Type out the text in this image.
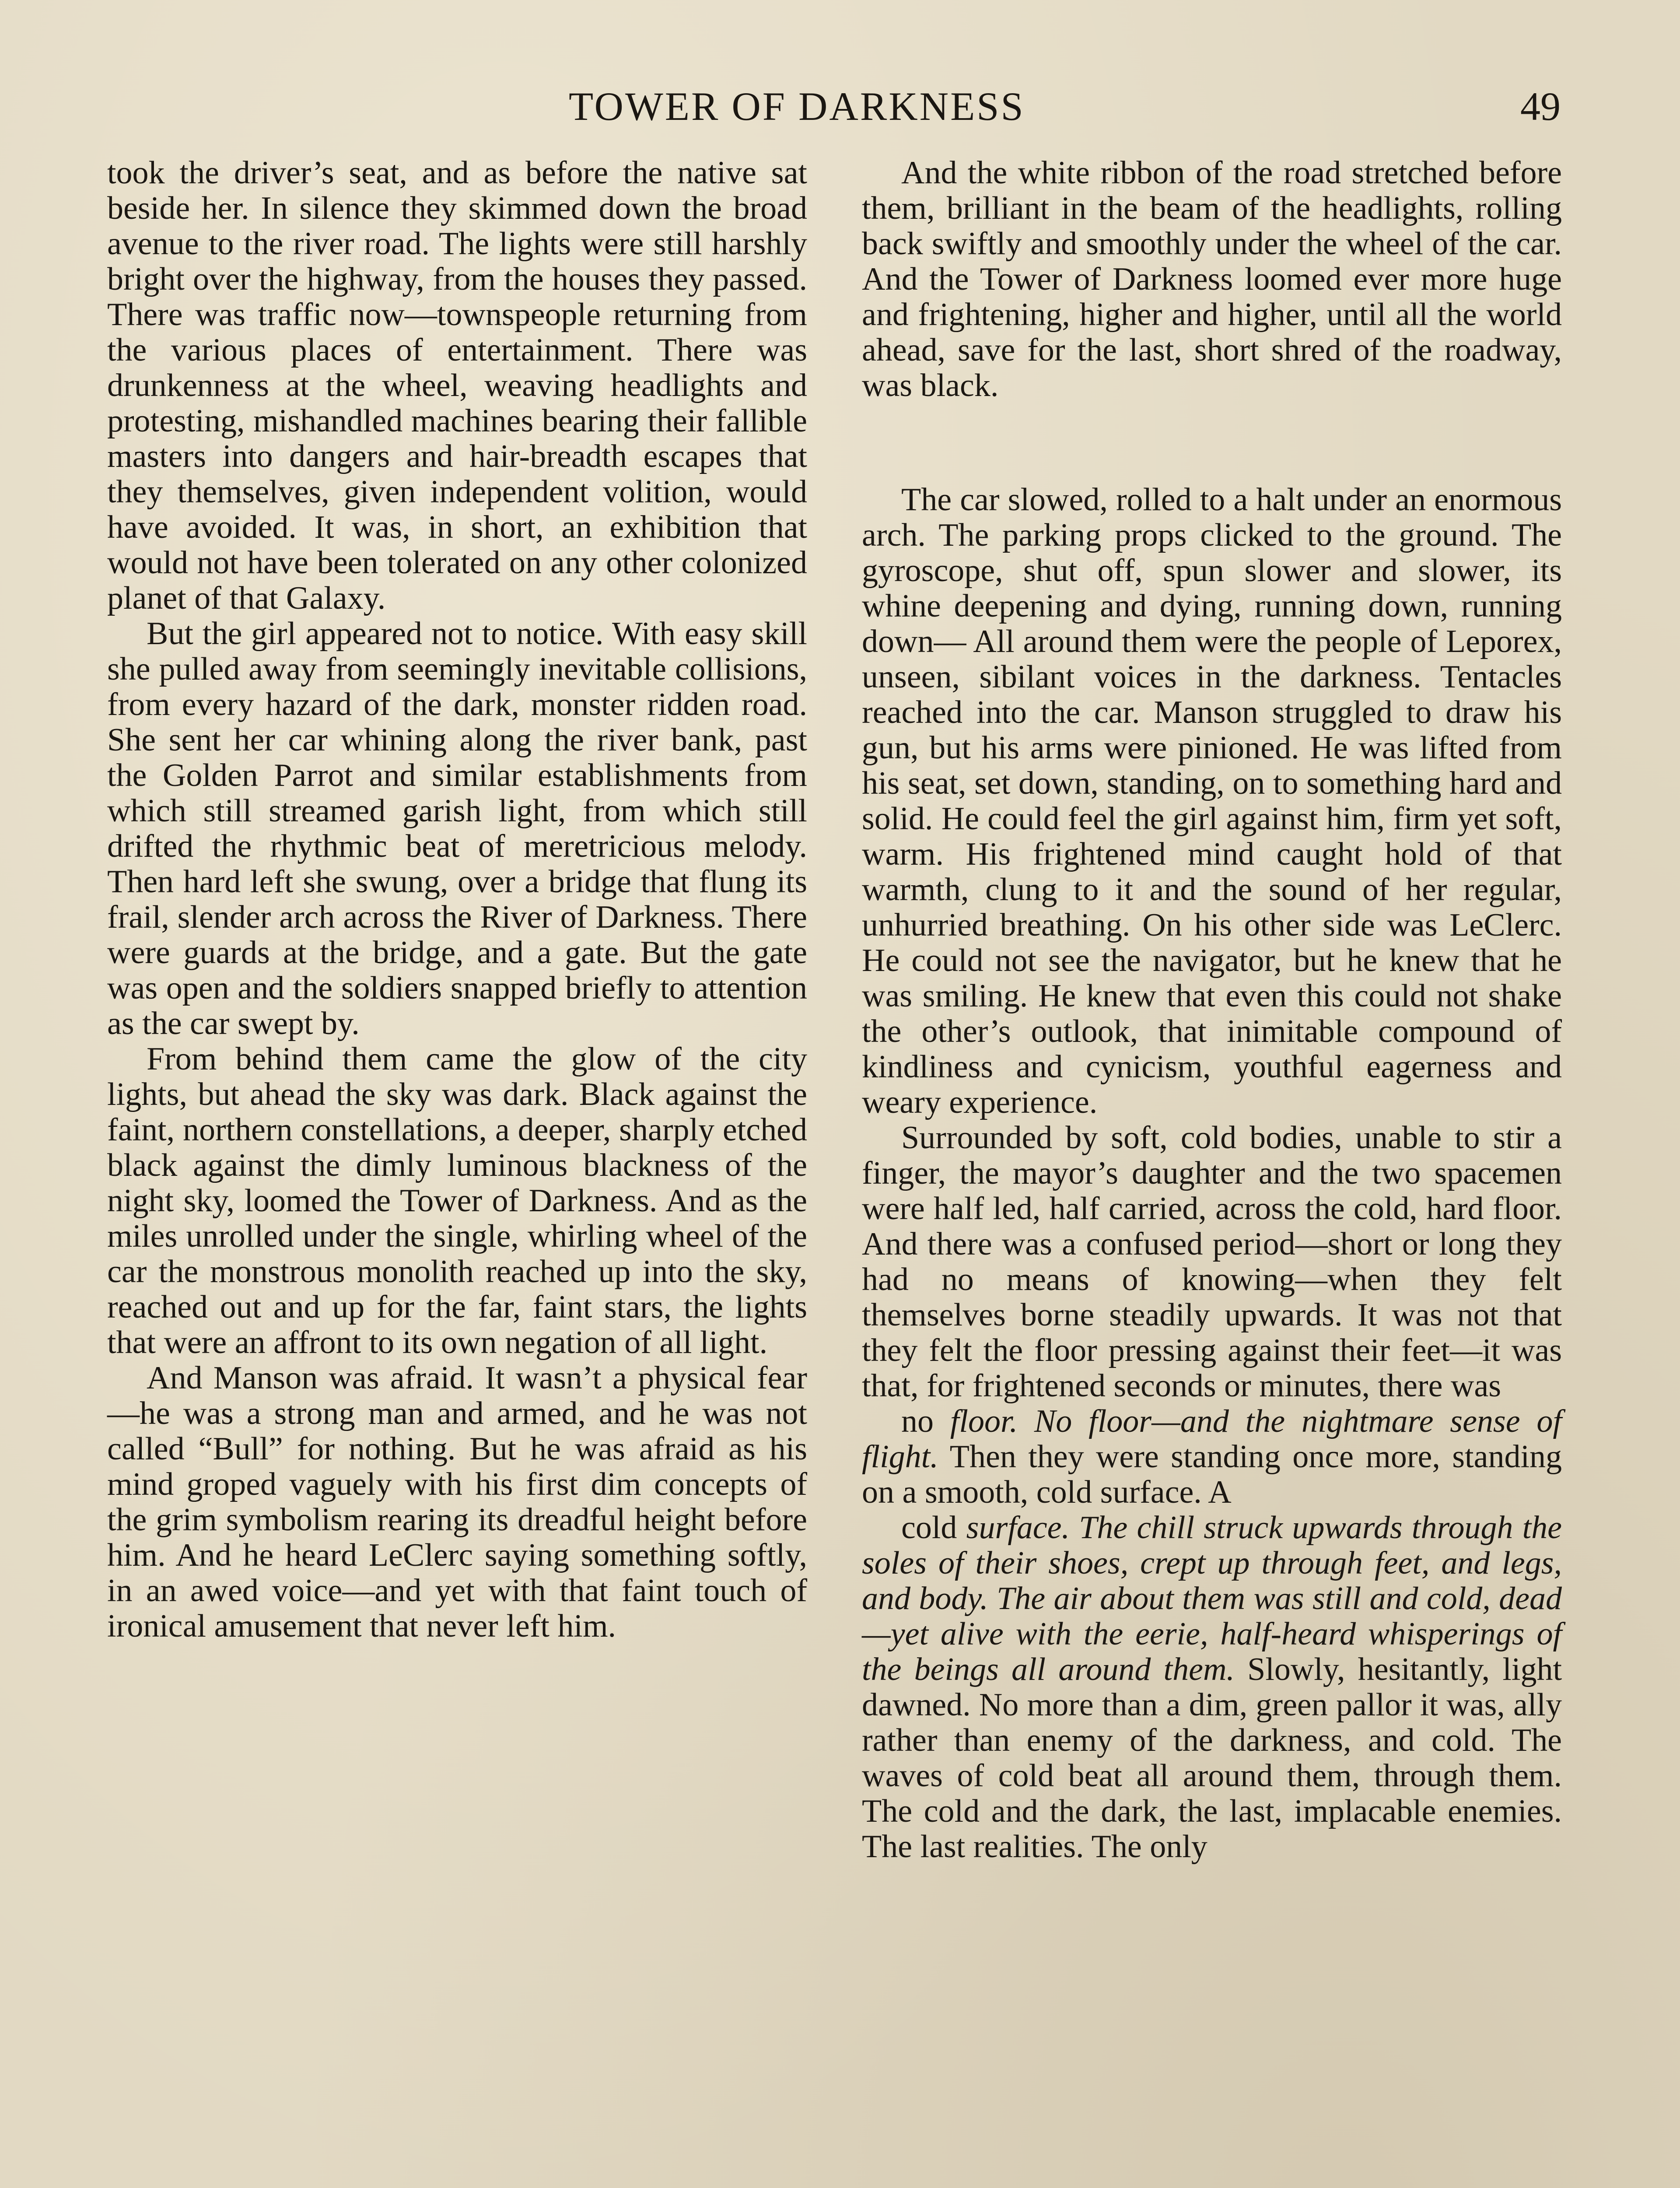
TOWER OF DARKNESS	49

took the driver’s seat, and as before the native sat beside her. In silence they skimmed down the broad avenue to the river road. The lights were still harshly bright over the highway, from the houses they passed. There was traffic now—townspeople returning from the various places of entertainment. There was drunkenness at the wheel, weaving headlights and protesting, mishandled machines bearing their fallible masters into dangers and hair-breadth escapes that they themselves, given independent volition, would have avoided. It was, in short, an exhibition that would not have been tolerated on any other colonized planet of that Galaxy.

But the girl appeared not to notice. With easy skill she pulled away from seemingly inevitable collisions, from every hazard of the dark, monster ridden road. She sent her car whining along the river bank, past the Golden Parrot and similar establishments from which still streamed garish light, from which still drifted the rhythmic beat of meretricious melody. Then hard left she swung, over a bridge that flung its frail, slender arch across the River of Darkness. There were guards at the bridge, and a gate. But the gate was open and the soldiers snapped briefly to attention as the car swept by.

From behind them came the glow of the city lights, but ahead the sky was dark. Black against the faint, northern constellations, a deeper, sharply etched black against the dimly luminous blackness of the night sky, loomed the Tower of Darkness. And as the miles unrolled under the single, whirling wheel of the car the monstrous monolith reached up into the sky, reached out and up for the far, faint stars, the lights that were an affront to its own negation of all light.

And Manson was afraid. It wasn’t a physical fear—he was a strong man and armed, and he was not called “Bull” for nothing. But he was afraid as his mind groped vaguely with his first dim concepts of the grim symbolism rearing its dreadful height before him. And he heard LeClerc saying something softly, in an awed voice—and yet with that faint touch of ironical amusement that never left him.

And the white ribbon of the road stretched before them, brilliant in the beam of the headlights, rolling back swiftly and smoothly under the wheel of the car. And the Tower of Darkness loomed ever more huge and frightening, higher and higher, until all the world ahead, save for the last, short shred of the roadway, was black.

The car slowed, rolled to a halt under an enormous arch. The parking props clicked to the ground. The gyroscope, shut off, spun slower and slower, its whine deepening and dying, running down, running down— All around them were the people of Leporex, unseen, sibilant voices in the darkness. Tentacles reached into the car. Manson struggled to draw his gun, but his arms were pinioned. He was lifted from his seat, set down, standing, on to something hard and solid. He could feel the girl against him, firm yet soft, warm. His frightened mind caught hold of that warmth, clung to it and the sound of her regular, unhurried breathing. On his other side was LeClerc. He could not see the navigator, but he knew that he was smiling. He knew that even this could not shake the other’s outlook, that inimitable compound of kindliness and cynicism, youthful eagerness and weary experience.

Surrounded by soft, cold bodies, unable to stir a finger, the mayor’s daughter and the two spacemen were half led, half carried, across the cold, hard floor. And there was a confused period—short or long they had no means of knowing—when they felt themselves borne steadily upwards. It was not that they felt the floor pressing against their feet—it was that, for frightened seconds or minutes, there was

no floor. No floor—and the nightmare sense of flight. Then they were standing once more, standing on a smooth, cold surface. A

cold surface. The chill struck upwards through the soles of their shoes, crept up through feet, and legs, and body. The air about them was still and cold, dead—yet alive with the eerie, half-heard whisperings of the beings all around them. Slowly, hesitantly, light dawned. No more than a dim, green pallor it was, ally rather than enemy of the darkness, and cold. The waves of cold beat all around them, through them. The cold and the dark, the last, implacable enemies. The last realities. The only
